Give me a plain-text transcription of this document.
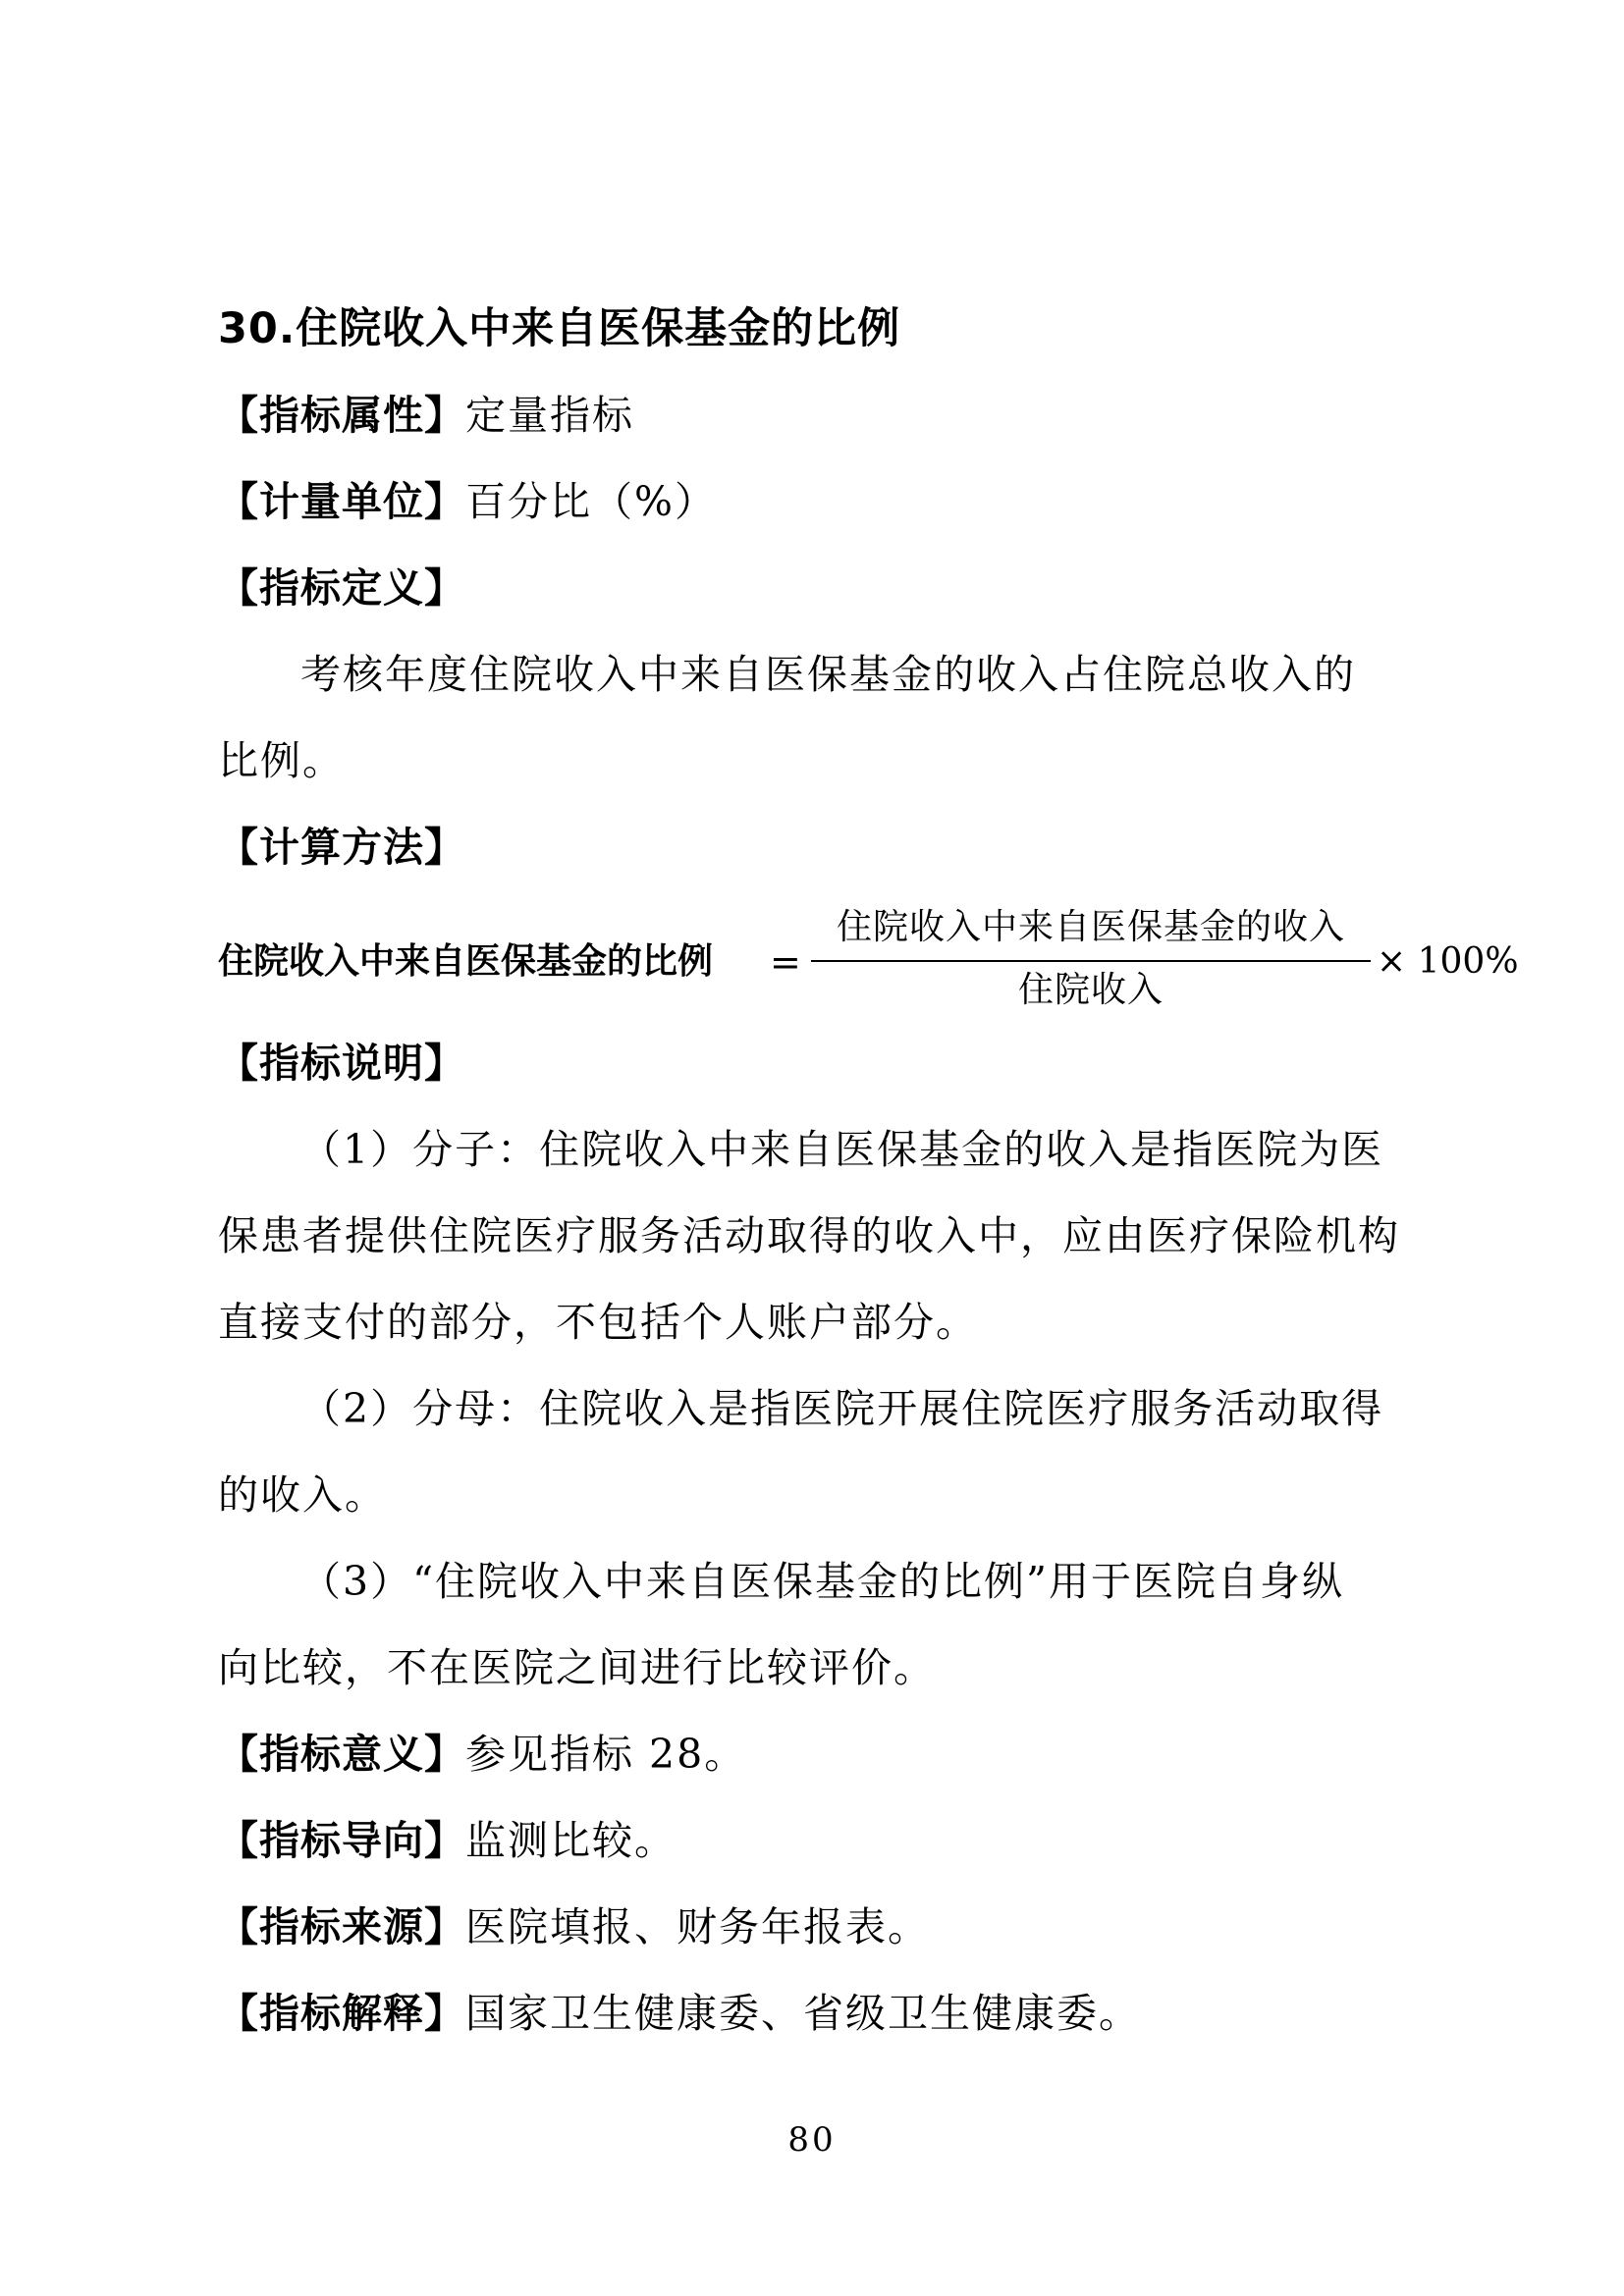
30.住院收入中来自医保基金的比例
【指标属性】定量指标
【计量单位】百分比（%）
【指标定义】
考核年度住院收入中来自医保基金的收入占住院总收入的
比例。
【计算方法】
住院收入中来自医保基金的比例 =
住院收入中来自医保基金的收入
住院收入
× 100%
【指标说明】
（1）分子：住院收入中来自医保基金的收入是指医院为医
保患者提供住院医疗服务活动取得的收入中，应由医疗保险机构
直接支付的部分，不包括个人账户部分。
（2）分母：住院收入是指医院开展住院医疗服务活动取得
的收入。
（3）“住院收入中来自医保基金的比例”用于医院自身纵
向比较，不在医院之间进行比较评价。
【指标意义】参见指标 28。
【指标导向】监测比较。
【指标来源】医院填报、财务年报表。
【指标解释】国家卫生健康委、省级卫生健康委。
80
